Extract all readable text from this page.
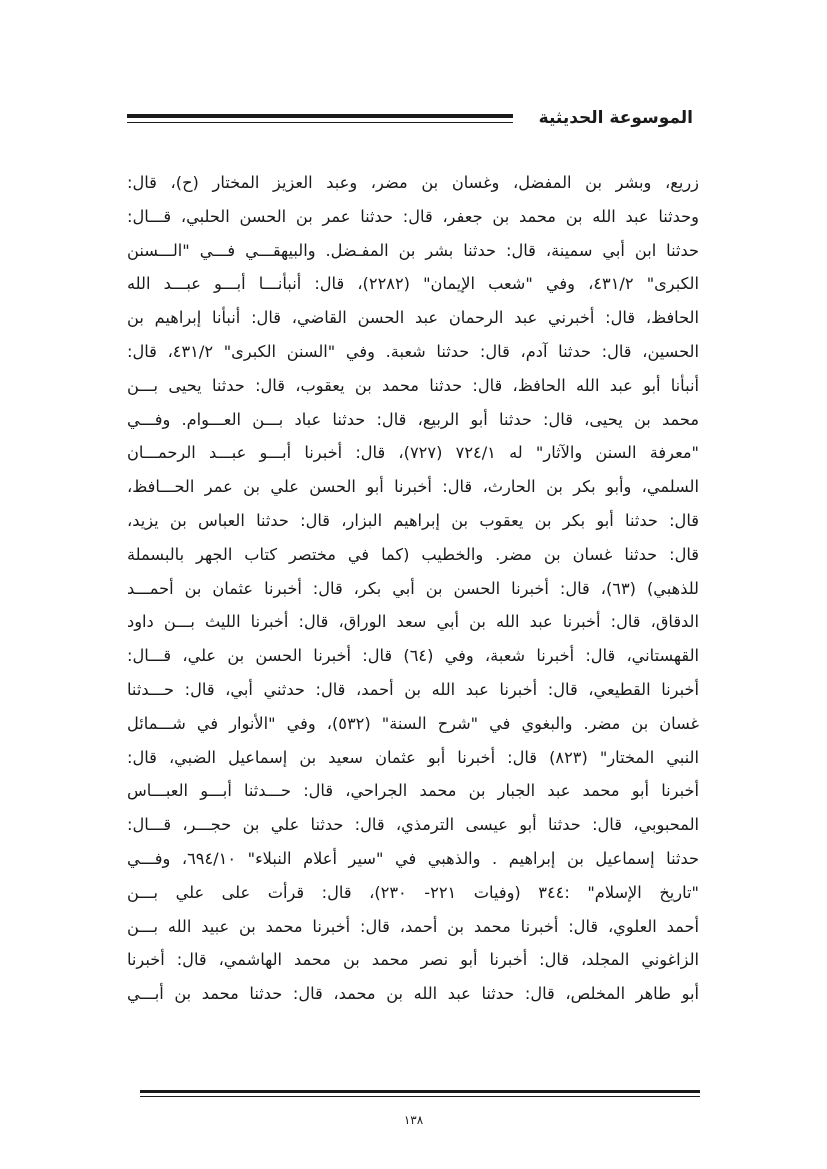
الموسوعة الحديثية
زريع، وبشر بن المفضل، وغسان بن مضر، وعبد العزيز المختار (ح)، قال:
وحدثنا عبد الله بن محمد بن جعفر، قال: حدثنا عمر بن الحسن الحلبي، قـــال:
حدثنا ابن أبي سمينة، قال: حدثنا بشر بن المفـضل. والبيهقـــي فـــي "الـــسنن
الكبرى" ٤٣١/٢، وفي "شعب الإيمان" (٢٢٨٢)، قال: أنبأنـــا أبـــو عبـــد الله
الحافظ، قال: أخبرني عبد الرحمان عبد الحسن القاضي، قال: أنبأنا إبراهيم بن
الحسين، قال: حدثنا آدم، قال: حدثنا شعبة. وفي "السنن الكبرى" ٤٣١/٢، قال:
أنبأنا أبو عبد الله الحافظ، قال: حدثنا محمد بن يعقوب، قال: حدثنا يحيى بـــن
محمد بن يحيى، قال: حدثنا أبو الربيع، قال: حدثنا عباد بـــن العـــوام. وفـــي
"معرفة السنن والآثار" له ٧٢٤/١ (٧٢٧)، قال: أخبرنا أبـــو عبـــد الرحمـــان
السلمي، وأبو بكر بن الحارث، قال: أخبرنا أبو الحسن علي بن عمر الحـــافظ،
قال: حدثنا أبو بكر بن يعقوب بن إبراهيم البزار، قال: حدثنا العباس بن يزيد،
قال: حدثنا غسان بن مضر. والخطيب (كما في مختصر كتاب الجهر بالبسملة
للذهبي) (٦٣)، قال: أخبرنا الحسن بن أبي بكر، قال: أخبرنا عثمان بن أحمـــد
الدقاق، قال: أخبرنا عبد الله بن أبي سعد الوراق، قال: أخبرنا الليث بـــن داود
القهستاني، قال: أخبرنا شعبة، وفي (٦٤) قال: أخبرنا الحسن بن علي، قـــال:
أخبرنا القطيعي، قال: أخبرنا عبد الله بن أحمد، قال: حدثني أبي، قال: حـــدثنا
غسان بن مضر. والبغوي في "شرح السنة" (٥٣٢)، وفي "الأنوار في شـــمائل
النبي المختار" (٨٢٣) قال: أخبرنا أبو عثمان سعيد بن إسماعيل الضبي، قال:
أخبرنا أبو محمد عبد الجبار بن محمد الجراحي، قال: حـــدثنا أبـــو العبـــاس
المحبوبي، قال: حدثنا أبو عيسى الترمذي، قال: حدثنا علي بن حجـــر، قـــال:
حدثنا إسماعيل بن إبراهيم . والذهبي في "سير أعلام النبلاء" ٦٩٤/١٠، وفـــي
"تاريخ الإسلام" :٣٤٤ (وفيات ٢٢١- ٢٣٠)، قال: قرأت على علي بـــن
أحمد العلوي، قال: أخبرنا محمد بن أحمد، قال: أخبرنا محمد بن عبيد الله بـــن
الزاغوني المجلد، قال: أخبرنا أبو نصر محمد بن محمد الهاشمي، قال: أخبرنا
أبو طاهر المخلص، قال: حدثنا عبد الله بن محمد، قال: حدثنا محمد بن أبـــي
١٣٨
